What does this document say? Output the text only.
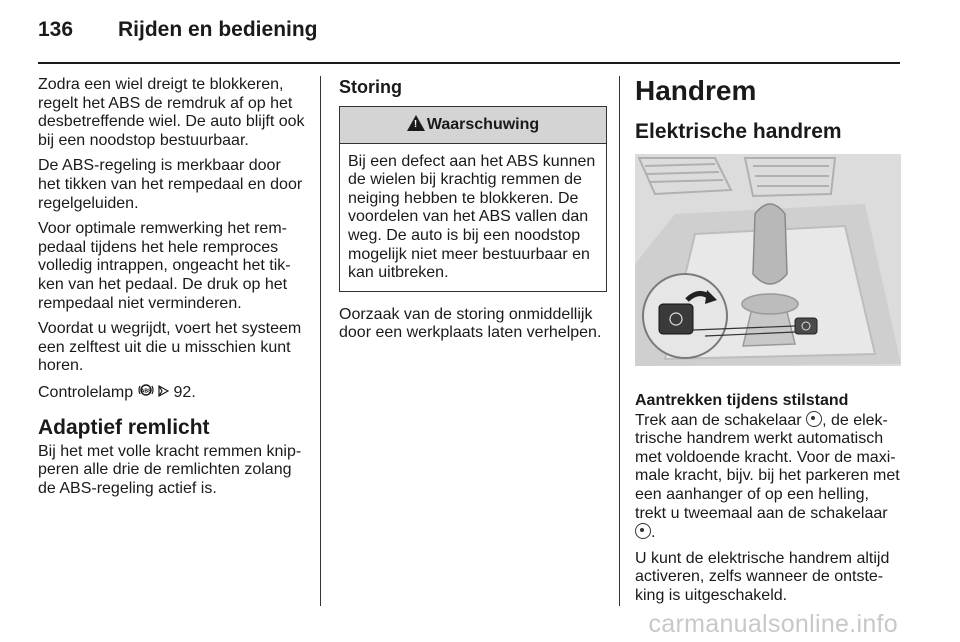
136 Rijden en bediening

Zodra een wiel dreigt te blokkeren, regelt het ABS de remdruk af op het desbetreffende wiel. De auto blijft ook bij een noodstop bestuurbaar.

De ABS-regeling is merkbaar door het tikken van het rempedaal en door regelgeluiden.

Voor optimale remwerking het rem- pedaal tijdens het hele remproces volledig intrappen, ongeacht het tik- ken van het pedaal. De druk op het rempedaal niet verminderen.

Voordat u wegrijdt, voert het systeem een zelftest uit die u misschien kunt horen.

Controlelamp ABS 92.

Adaptief remlicht

Bij het met volle kracht remmen knip- peren alle drie de remlichten zolang de ABS-regeling actief is.

Storing
! Waarschuwing

Bij een defect aan het ABS kunnen de wielen bij krachtig remmen de neiging hebben te blokkeren. De voordelen van het ABS vallen dan weg. De auto is bij een noodstop mogelijk niet meer bestuurbaar en kan uitbreken.

Oorzaak van de storing onmiddellijk door een werkplaats laten verhelpen.

Handrem
Elektrische handrem
Aantrekken tijdens stilstand

Trek aan de schakelaar , de elek- trische handrem werkt automatisch met voldoende kracht. Voor de maxi- male kracht, bijv. bij het parkeren met een aanhanger of op een helling, trekt u tweemaal aan de schakelaar .

U kunt de elektrische handrem altijd activeren, zelfs wanneer de ontste- king is uitgeschakeld.

carmanualsonline.info
